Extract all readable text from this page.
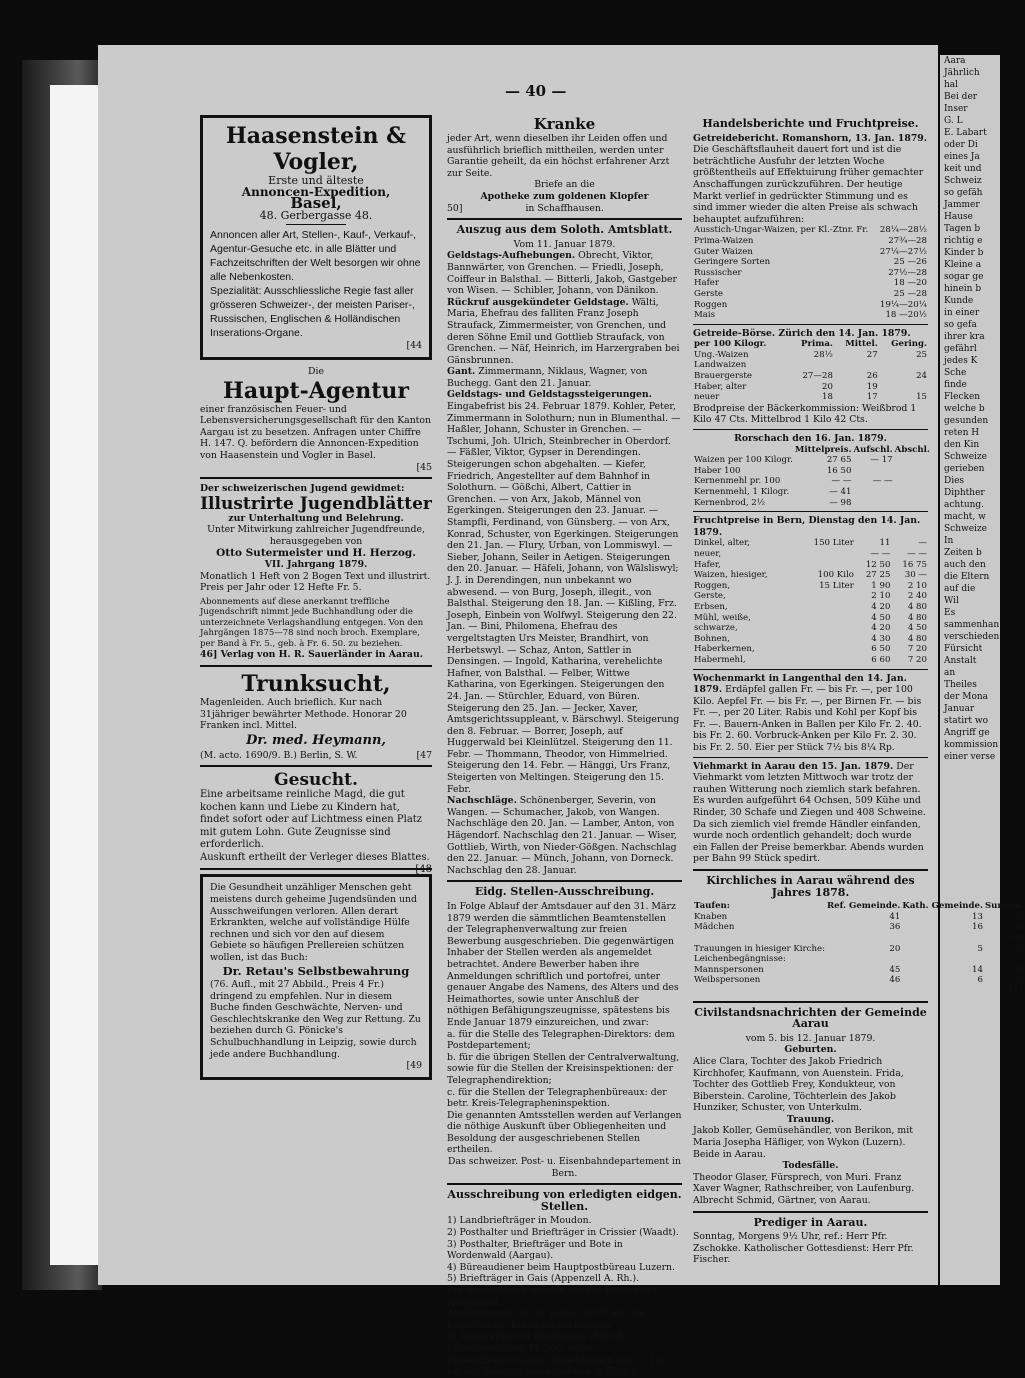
Aara
Jährlich
hal
Bei der
Inser
G. L
E. Labart
oder Di
eines Ja
keit und
Schweiz
so gefäh
Jammer
Hause
Tagen b
richtig e
Kinder b
Kleine a
sogar ge
hinein b
Kunde
in einer
so gefa
ihrer kra
gefährl
jedes K
Sche
finde
Flecken
welche b
gesunden
reten H
den Kin
Schweize
gerieben
Dies
Diphther
achtung.
macht, w
Schweize
In
Zeiten b
auch den
die Eltern
auf die
Wil
Es
sammenhan
verschieden
Fürsicht
Anstalt
an
Theiles
der Mona
Januar
statirt wo
Angriff ge
kommission
einer verse
— 40 —
Haasenstein & Vogler,
Erste und älteste
Annoncen-Expedition,
Basel,
48. Gerbergasse 48.

Annoncen aller Art, Stellen-, Kauf-, Verkauf-, Agentur-Gesuche etc. in alle Blätter und Fachzeitschriften der Welt besorgen wir ohne alle Nebenkosten.

Spezialität: Ausschliessliche Regie fast aller grösseren Schweizer-, der meisten Pariser-, Russischen, Englischen & Holländischen Inserations-Organe.

[44
Die
Haupt-Agentur

einer französischen Feuer- und Lebensversicherungsgesellschaft für den Kanton Aargau ist zu besetzen. Anfragen unter Chiffre H. 147. Q. befördern die Annoncen-Expedition von Haasenstein und Vogler in Basel.

[45
Der schweizerischen Jugend gewidmet:
Illustrirte Jugendblätter
zur Unterhaltung und Belehrung.
Unter Mitwirkung zahlreicher Jugendfreunde, herausgegeben von
Otto Sutermeister und H. Herzog.
VII. Jahrgang 1879.

Monatlich 1 Heft von 2 Bogen Text und illustrirt. Preis per Jahr oder 12 Hefte Fr. 5.

Abonnements auf diese anerkannt treffliche Jugendschrift nimmt jede Buchhandlung oder die unterzeichnete Verlagshandlung entgegen. Von den Jahrgängen 1875—78 sind noch broch. Exemplare, per Band à Fr. 5., geb. à Fr. 6. 50. zu beziehen.

46] Verlag von H. R. Sauerländer in Aarau.
Trunksucht,

Magenleiden. Auch brieflich. Kur nach 31jähriger bewährter Methode. Honorar 20 Franken incl. Mittel.

Dr. med. Heymann,
(M. acto. 1690/9. B.) Berlin, S. W.	[47
Gesucht.

Eine arbeitsame reinliche Magd, die gut kochen kann und Liebe zu Kindern hat, findet sofort oder auf Lichtmess einen Platz mit gutem Lohn. Gute Zeugnisse sind erforderlich.

Auskunft ertheilt der Verleger dieses Blattes.
[48

Die Gesundheit unzähliger Menschen geht meistens durch geheime Jugendsünden und Ausschweifungen verloren. Allen derart Erkrankten, welche auf vollständige Hülfe rechnen und sich vor den auf diesem Gebiete so häufigen Prellereien schützen wollen, ist das Buch:

Dr. Retau's Selbstbewahrung

(76. Aufl., mit 27 Abbild., Preis 4 Fr.) dringend zu empfehlen. Nur in diesem Buche finden Geschwächte, Nerven- und Geschlechtskranke den Weg zur Rettung. Zu beziehen durch G. Pönicke's Schulbuchhandlung in Leipzig, sowie durch jede andere Buchhandlung.

[49
Kranke

jeder Art, wenn dieselben ihr Leiden offen und ausführlich brieflich mittheilen, werden unter Garantie geheilt, da ein höchst erfahrener Arzt zur Seite.

Briefe an die
Apotheke zum goldenen Klopfer
50]	in Schaffhausen.
Auszug aus dem Soloth. Amtsblatt.
Vom 11. Januar 1879.

Geldstags-Aufhebungen. Obrecht, Viktor, Bannwärter, von Grenchen. — Friedli, Joseph, Coiffeur in Balsthal. — Bitterli, Jakob, Gastgeber von Wisen. — Schibler, Johann, von Dänikon.

Rückruf ausgekündeter Geldstage. Wälti, Maria, Ehefrau des falliten Franz Joseph Straufack, Zimmermeister, von Grenchen, und deren Söhne Emil und Gottlieb Straufack, von Grenchen. — Näf, Heinrich, im Harzergraben bei Gänsbrunnen.

Gant. Zimmermann, Niklaus, Wagner, von Buchegg. Gant den 21. Januar.

Geldstags- und Geldstagssteigerungen. Eingabefrist bis 24. Februar 1879. Kohler, Peter, Zimmermann in Solothurn; nun in Blumenthal. — Haßler, Johann, Schuster in Grenchen. — Tschumi, Joh. Ulrich, Steinbrecher in Oberdorf. — Fäßler, Viktor, Gypser in Derendingen. Steigerungen schon abgehalten. — Kiefer, Friedrich, Angestellter auf dem Bahnhof in Solothurn. — Gößchi, Albert, Cattier in Grenchen. — von Arx, Jakob, Männel von Egerkingen. Steigerungen den 23. Januar. — Stampfli, Ferdinand, von Günsberg. — von Arx, Konrad, Schuster, von Egerkingen. Steigerungen den 21. Jan. — Flury, Urban, von Lommiswyl. — Sieber, Johann, Seiler in Aetigen. Steigerungen den 20. Januar. — Häfeli, Johann, von Wälsliswyl; J. J. in Derendingen, nun unbekannt wo abwesend. — von Burg, Joseph, illegit., von Balsthal. Steigerung den 18. Jan. — Kißling, Frz. Joseph, Einbein von Wolfwyl. Steigerung den 22. Jan. — Bini, Philomena, Ehefrau des vergeltstagten Urs Meister, Brandhirt, von Herbetswyl. — Schaz, Anton, Sattler in Densingen. — Ingold, Katharina, verehelichte Hafner, von Balsthal. — Felber, Wittwe Katharina, von Egerkingen. Steigerungen den 24. Jan. — Stürchler, Eduard, von Büren. Steigerung den 25. Jan. — Jecker, Xaver, Amtsgerichtssuppleant, v. Bärschwyl. Steigerung den 8. Februar. — Borrer, Joseph, auf Huggerwald bei Kleinlützel. Steigerung den 11. Febr. — Thommann, Theodor, von Himmelried. Steigerung den 14. Febr. — Hänggi, Urs Franz, Steigerten von Meltingen. Steigerung den 15. Febr.

Nachschläge. Schönenberger, Severin, von Wangen. — Schumacher, Jakob, von Wangen. Nachschläge den 20. Jan. — Lamber, Anton, von Hägendorf. Nachschlag den 21. Januar. — Wiser, Gottlieb, Wirth, von Nieder-Gößgen. Nachschlag den 22. Januar. — Münch, Johann, von Dorneck. Nachschlag den 28. Januar.

Eidg. Stellen-Ausschreibung.

In Folge Ablauf der Amtsdauer auf den 31. März 1879 werden die sämmtlichen Beamtenstellen der Telegraphenverwaltung zur freien Bewerbung ausgeschrieben. Die gegenwärtigen Inhaber der Stellen werden als angemeldet betrachtet. Andere Bewerber haben ihre Anmeldungen schriftlich und portofrei, unter genauer Angabe des Namens, des Alters und des Heimathortes, sowie unter Anschluß der nöthigen Befähigungszeugnisse, spätestens bis Ende Januar 1879 einzureichen, und zwar:

a. für die Stelle des Telegraphen-Direktors: dem Postdepartement;

b. für die übrigen Stellen der Centralverwaltung, sowie für die Stellen der Kreisinspektionen: der Telegraphendirektion;

c. für die Stellen der Telegraphenbüreaux: der betr. Kreis-Telegrapheninspektion.

Die genannten Amtsstellen werden auf Verlangen die nöthige Auskunft über Obliegenheiten und Besoldung der ausgeschriebenen Stellen ertheilen.

Das schweizer. Post- u. Eisenbahndepartement in Bern.

Ausschreibung von erledigten eidgen. Stellen.

1) Landbriefträger in Moudon.

2) Posthalter und Briefträger in Crissier (Waadt).

3) Posthalter, Briefträger und Bote in Wordenwald (Aargau).

4) Büreaudiener beim Hauptpostbüreau Luzern.

5) Briefträger in Gais (Appenzell A. Rh.).

Die Besoldungen werden bei der Ernennung festgesetzt.

Anmeldungen bis 24. Januar 1879 bei den betreffenden Kreispostdirektionen.

6) Telegraphist in Weißlingen (Zürich). Jahresbesoldung Fr. 200, nebst Depeschenprovision. Anmeldungen bis 21. Jan. bei der Telegrapheninspektion in Zürich.

Handelsberichte und Fruchtpreise.

Getreidebericht. Romanshorn, 13. Jan. 1879. Die Geschäftsflauheit dauert fort und ist die beträchtliche Ausfuhr der letzten Woche größtentheils auf Effektuirung früher gemachter Anschaffungen zurückzuführen. Der heutige Markt verlief in gedrückter Stimmung und es sind immer wieder die alten Preise als schwach behauptet aufzuführen:

Ausstich-Ungar-Waizen, per Kl.-Ztnr. Fr.	28¼—28½
Prima-Waizen	27¾—28
Guter Waizen	27¼—27½
Geringere Sorten	25 —26
Russischer	27½—28
Hafer	18 —20
Gerste	25 —28
Roggen	19¼—20¼
Mais	18 —20½

Getreide-Börse. Zürich den 14. Jan. 1879.

per 100 Kilogr.	Prima.	Mittel.	Gering.
Ung.-Waizen	28½	27	25
Landwaizen			
Brauergerste	27—28	26	24
Haber, alter	20	19	
neuer	18	17	15

Brodpreise der Bäckerkommission: Weißbrod 1 Kilo 47 Cts. Mittelbrod 1 Kilo 42 Cts.

Rorschach den 16. Jan. 1879.

	Mittelpreis.	Aufschl.	Abschl.
Waizen per 100 Kilogr.	27 65	— 17	
Haber 100	16 50		
Kernenmehl pr. 100	— —	— —	
Kernenmehl, 1 Kilogr.	— 41		
Kernenbrod, 2½	— 98		

Fruchtpreise in Bern, Dienstag den 14. Jan. 1879.

Dinkel, alter,	150 Liter	11	—
neuer,		— —	— —
Hafer,		12 50	16 75
Waizen, hiesiger,	100 Kilo	27 25	30 —
Roggen,	15 Liter	1 90	2 10
Gerste,		2 10	2 40
Erbsen,		4 20	4 80
Mühl, weiße,		4 50	4 80
schwarze,		4 20	4 50
Bohnen,		4 30	4 80
Haberkernen,		6 50	7 20
Habermehl,		6 60	7 20

Wochenmarkt in Langenthal den 14. Jan. 1879. Erdäpfel gallen Fr. — bis Fr. —, per 100 Kilo. Aepfel Fr. — bis Fr. —, per Birnen Fr. — bis Fr. —, per 20 Liter. Rabis und Kohl per Kopf bis Fr. —. Bauern-Anken in Ballen per Kilo Fr. 2. 40. bis Fr. 2. 60. Vorbruck-Anken per Kilo Fr. 2. 30. bis Fr. 2. 50. Eier per Stück 7½ bis 8¼ Rp.

Viehmarkt in Aarau den 15. Jan. 1879. Der Viehmarkt vom letzten Mittwoch war trotz der rauhen Witterung noch ziemlich stark befahren. Es wurden aufgeführt 64 Ochsen, 509 Kühe und Rinder, 30 Schafe und Ziegen und 408 Schweine. Da sich ziemlich viel fremde Händler einfanden, wurde noch ordentlich gehandelt; doch wurde ein Fallen der Preise bemerkbar. Abends wurden per Bahn 99 Stück spedirt.

Kirchliches in Aarau während des Jahres 1878.
Taufen:	Ref. Gemeinde.	Kath. Gemeinde.	Summa.
Knaben	41	13	54
Mädchen	36	16	52
			106
Trauungen in hiesiger Kirche:	20	5	25
Leichenbegängnisse:			
Mannspersonen	45	14	59
Weibspersonen	46	6	52
			111
Civilstandsnachrichten der Gemeinde Aarau
vom 5. bis 12. Januar 1879.
Geburten.

Alice Clara, Tochter des Jakob Friedrich Kirchhofer, Kaufmann, von Auenstein. Frida, Tochter des Gottlieb Frey, Kondukteur, von Biberstein. Caroline, Töchterlein des Jakob Hunziker, Schuster, von Unterkulm.

Trauung.

Jakob Koller, Gemüsehändler, von Berikon, mit Maria Josepha Häfliger, von Wykon (Luzern). Beide in Aarau.

Todesfälle.

Theodor Glaser, Fürsprech, von Muri. Franz Xaver Wagner, Rathschreiber, von Laufenburg. Albrecht Schmid, Gärtner, von Aarau.

Prediger in Aarau.

Sonntag, Morgens 9½ Uhr, ref.: Herr Pfr. Zschokke. Katholischer Gottesdienst: Herr Pfr. Fischer.
